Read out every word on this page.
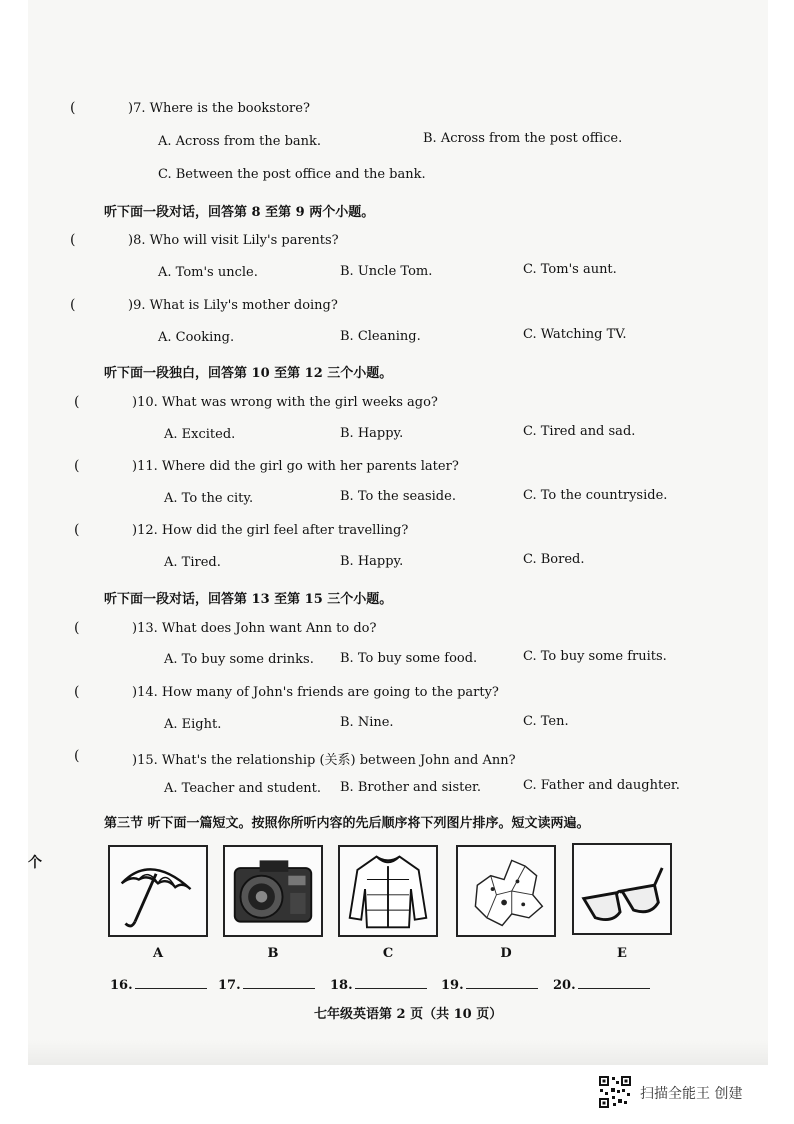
(	)7. Where is the bookstore?
A. Across from the bank.	B. Across from the post office.
C. Between the post office and the bank.
听下面一段对话，回答第 8 至第 9 两个小题。
(	)8. Who will visit Lily's parents?
A. Tom's uncle.	B. Uncle Tom.	C. Tom's aunt.
(	)9. What is Lily's mother doing?
A. Cooking.	B. Cleaning.	C. Watching TV.
听下面一段独白，回答第 10 至第 12 三个小题。
(	)10. What was wrong with the girl weeks ago?
A. Excited.	B. Happy.	C. Tired and sad.
(	)11. Where did the girl go with her parents later?
A. To the city.	B. To the seaside.	C. To the countryside.
(	)12. How did the girl feel after travelling?
A. Tired.	B. Happy.	C. Bored.
听下面一段对话，回答第 13 至第 15 三个小题。
(	)13. What does John want Ann to do?
A. To buy some drinks. B. To buy some food.	C. To buy some fruits.
(	)14. How many of John's friends are going to the party?
A. Eight.	B. Nine.	C. Ten.
(	)15. What's the relationship (关系) between John and Ann?
A. Teacher and student. B. Brother and sister.	C. Father and daughter.
第三节 听下面一篇短文。按照你所听内容的先后顺序将下列图片排序。短文读两遍。
个
A	B	C	D	E
16.	17.	18.	19.	20.
七年级英语第 2 页（共 10 页）
扫描全能王 创建
